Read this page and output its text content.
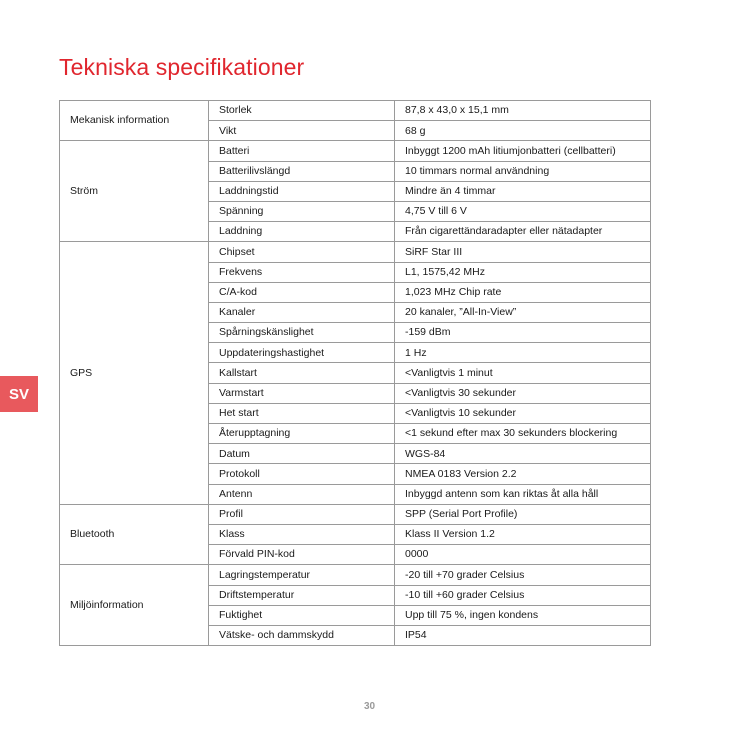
Tekniska specifikationer
SV
Mekanisk information	Storlek	87,8 x 43,0 x 15,1 mm
	Vikt	68 g
Ström	Batteri	Inbyggt 1200 mAh litiumjonbatteri (cellbatteri)
	Batterilivslängd	10 timmars normal användning
	Laddningstid	Mindre än 4 timmar
	Spänning	4,75 V till 6 V
	Laddning	Från cigarettändaradapter eller nätadapter
GPS	Chipset	SiRF Star III
	Frekvens	L1, 1575,42 MHz
	C/A-kod	1,023 MHz Chip rate
	Kanaler	20 kanaler, ”All-In-View”
	Spårningskänslighet	-159 dBm
	Uppdateringshastighet	1 Hz
	Kallstart	<Vanligtvis 1 minut
	Varmstart	<Vanligtvis 30 sekunder
	Het start	<Vanligtvis 10 sekunder
	Återupptagning	<1 sekund efter max 30 sekunders blockering
	Datum	WGS-84
	Protokoll	NMEA 0183 Version 2.2
	Antenn	Inbyggd antenn som kan riktas åt alla håll
Bluetooth	Profil	SPP (Serial Port Profile)
	Klass	Klass II Version 1.2
	Förvald PIN-kod	0000
Miljöinformation	Lagringstemperatur	-20 till +70 grader Celsius
	Driftstemperatur	-10 till +60 grader Celsius
	Fuktighet	Upp till 75 %, ingen kondens
	Vätske- och dammskydd	IP54
30
